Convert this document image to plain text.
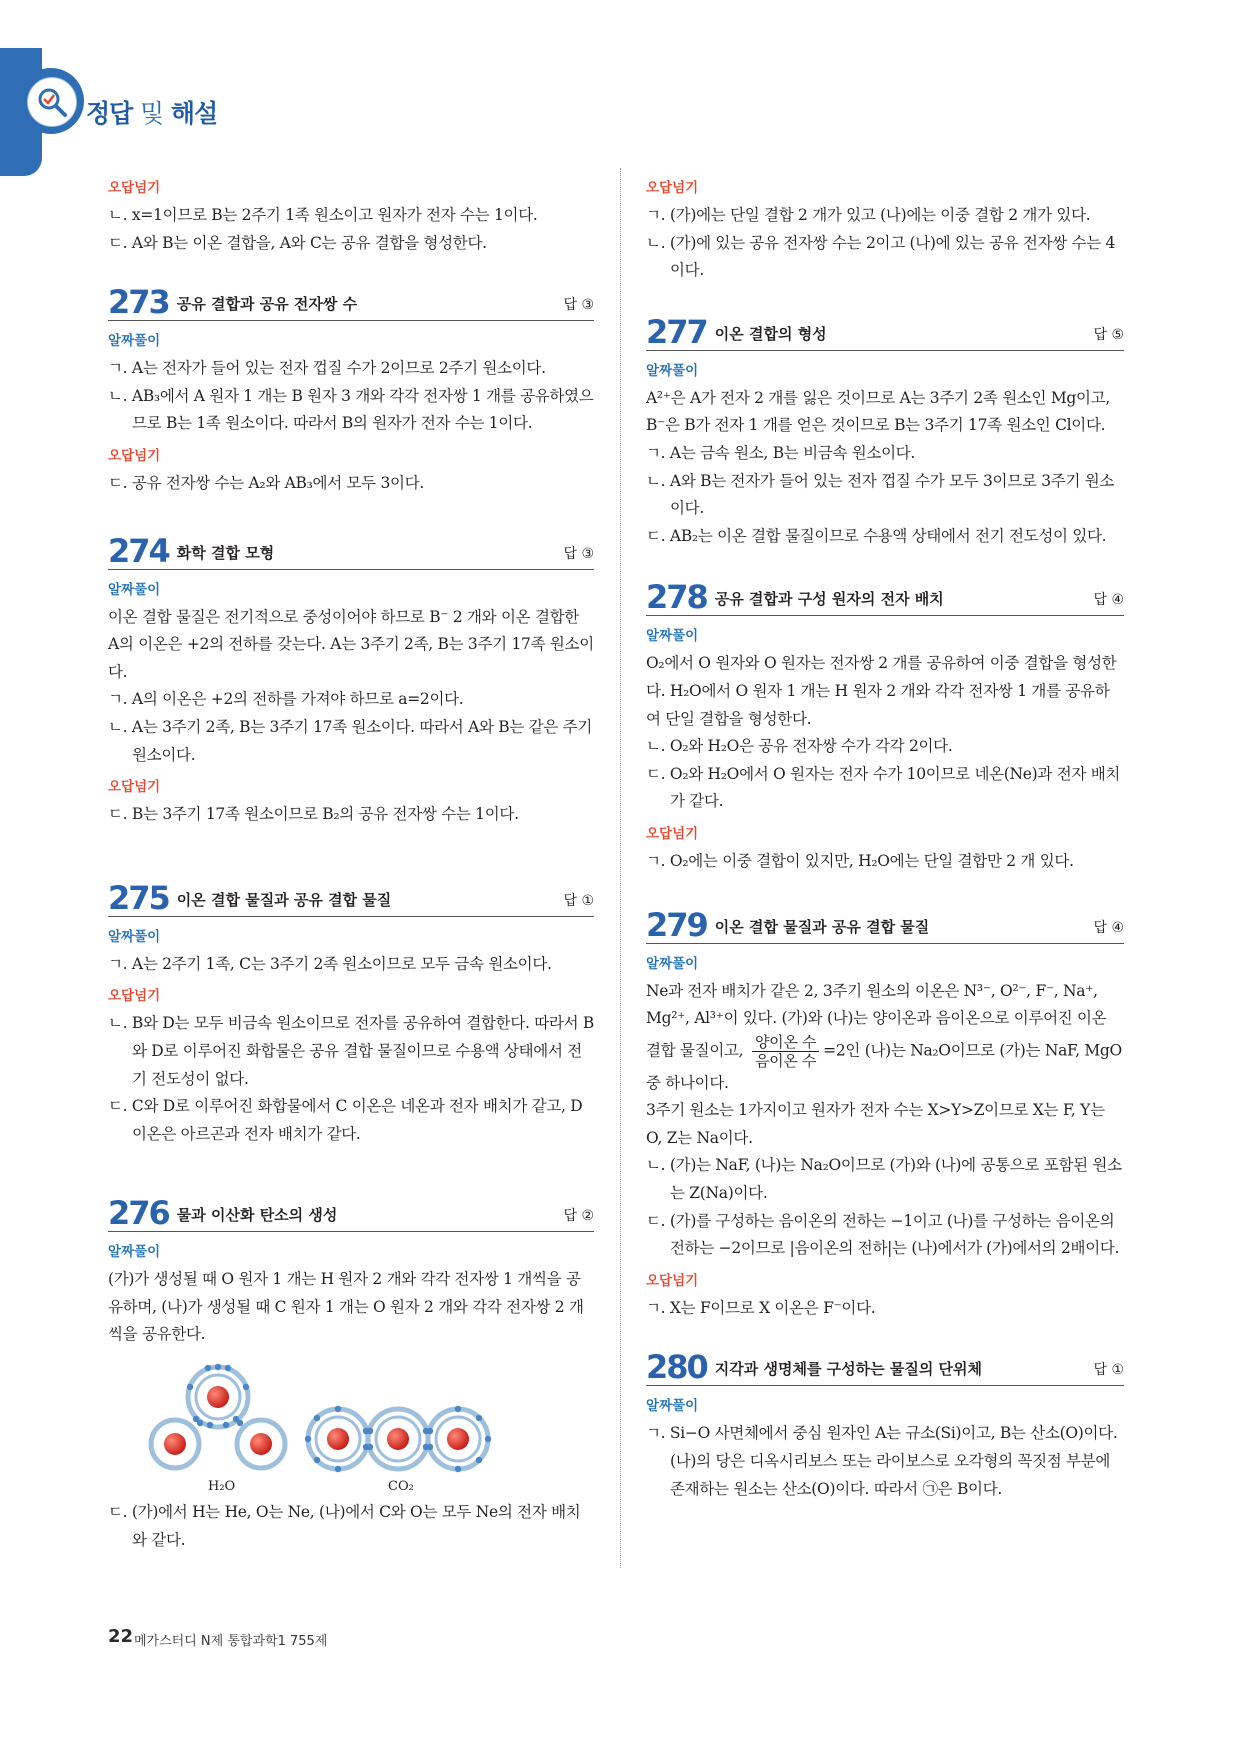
정답 및 해설
오답넘기

ㄴ. x=1이므로 B는 2주기 1족 원소이고 원자가 전자 수는 1이다.

ㄷ. A와 B는 이온 결합을, A와 C는 공유 결합을 형성한다.

273 공유 결합과 공유 전자쌍 수	답 ③
알짜풀이

ㄱ. A는 전자가 들어 있는 전자 껍질 수가 2이므로 2주기 원소이다.

ㄴ. AB₃에서 A 원자 1 개는 B 원자 3 개와 각각 전자쌍 1 개를 공유하였으므로 B는 1족 원소이다. 따라서 B의 원자가 전자 수는 1이다.

오답넘기

ㄷ. 공유 전자쌍 수는 A₂와 AB₃에서 모두 3이다.

274 화학 결합 모형	답 ③
알짜풀이

이온 결합 물질은 전기적으로 중성이어야 하므로 B⁻ 2 개와 이온 결합한 A의 이온은 +2의 전하를 갖는다. A는 3주기 2족, B는 3주기 17족 원소이다.

ㄱ. A의 이온은 +2의 전하를 가져야 하므로 a=2이다.

ㄴ. A는 3주기 2족, B는 3주기 17족 원소이다. 따라서 A와 B는 같은 주기 원소이다.

오답넘기

ㄷ. B는 3주기 17족 원소이므로 B₂의 공유 전자쌍 수는 1이다.

275 이온 결합 물질과 공유 결합 물질	답 ①
알짜풀이

ㄱ. A는 2주기 1족, C는 3주기 2족 원소이므로 모두 금속 원소이다.

오답넘기

ㄴ. B와 D는 모두 비금속 원소이므로 전자를 공유하여 결합한다. 따라서 B와 D로 이루어진 화합물은 공유 결합 물질이므로 수용액 상태에서 전기 전도성이 없다.

ㄷ. C와 D로 이루어진 화합물에서 C 이온은 네온과 전자 배치가 같고, D 이온은 아르곤과 전자 배치가 같다.

276 물과 이산화 탄소의 생성	답 ②
알짜풀이

(가)가 생성될 때 O 원자 1 개는 H 원자 2 개와 각각 전자쌍 1 개씩을 공유하며, (나)가 생성될 때 C 원자 1 개는 O 원자 2 개와 각각 전자쌍 2 개씩을 공유한다.

H₂O	CO₂

ㄷ. (가)에서 H는 He, O는 Ne, (나)에서 C와 O는 모두 Ne의 전자 배치와 같다.

오답넘기

ㄱ. (가)에는 단일 결합 2 개가 있고 (나)에는 이중 결합 2 개가 있다.

ㄴ. (가)에 있는 공유 전자쌍 수는 2이고 (나)에 있는 공유 전자쌍 수는 4이다.

277 이온 결합의 형성	답 ⑤
알짜풀이

A²⁺은 A가 전자 2 개를 잃은 것이므로 A는 3주기 2족 원소인 Mg이고, B⁻은 B가 전자 1 개를 얻은 것이므로 B는 3주기 17족 원소인 Cl이다.

ㄱ. A는 금속 원소, B는 비금속 원소이다.

ㄴ. A와 B는 전자가 들어 있는 전자 껍질 수가 모두 3이므로 3주기 원소이다.

ㄷ. AB₂는 이온 결합 물질이므로 수용액 상태에서 전기 전도성이 있다.

278 공유 결합과 구성 원자의 전자 배치	답 ④
알짜풀이

O₂에서 O 원자와 O 원자는 전자쌍 2 개를 공유하여 이중 결합을 형성한다. H₂O에서 O 원자 1 개는 H 원자 2 개와 각각 전자쌍 1 개를 공유하여 단일 결합을 형성한다.

ㄴ. O₂와 H₂O은 공유 전자쌍 수가 각각 2이다.

ㄷ. O₂와 H₂O에서 O 원자는 전자 수가 10이므로 네온(Ne)과 전자 배치가 같다.

오답넘기

ㄱ. O₂에는 이중 결합이 있지만, H₂O에는 단일 결합만 2 개 있다.

279 이온 결합 물질과 공유 결합 물질	답 ④
알짜풀이

Ne과 전자 배치가 같은 2, 3주기 원소의 이온은 N³⁻, O²⁻, F⁻, Na⁺, Mg²⁺, Al³⁺이 있다. (가)와 (나)는 양이온과 음이온으로 이루어진 이온 결합 물질이고, $\frac{\text{양이온 수}}{\text{음이온 수}} =2$인 (나)는 Na₂O이므로 (가)는 NaF, MgO 중 하나이다.

3주기 원소는 1가지이고 원자가 전자 수는 X>Y>Z이므로 X는 F, Y는 O, Z는 Na이다.

ㄴ. (가)는 NaF, (나)는 Na₂O이므로 (가)와 (나)에 공통으로 포함된 원소는 Z(Na)이다.

ㄷ. (가)를 구성하는 음이온의 전하는 −1이고 (나)를 구성하는 음이온의 전하는 −2이므로 |음이온의 전하|는 (나)에서가 (가)에서의 2배이다.

오답넘기

ㄱ. X는 F이므로 X 이온은 F⁻이다.

280 지각과 생명체를 구성하는 물질의 단위체	답 ①
알짜풀이

ㄱ. Si−O 사면체에서 중심 원자인 A는 규소(Si)이고, B는 산소(O)이다. (나)의 당은 디옥시리보스 또는 라이보스로 오각형의 꼭짓점 부분에 존재하는 원소는 산소(O)이다. 따라서 ㉠은 B이다.

22 메가스터디 N제 통합과학1 755제
